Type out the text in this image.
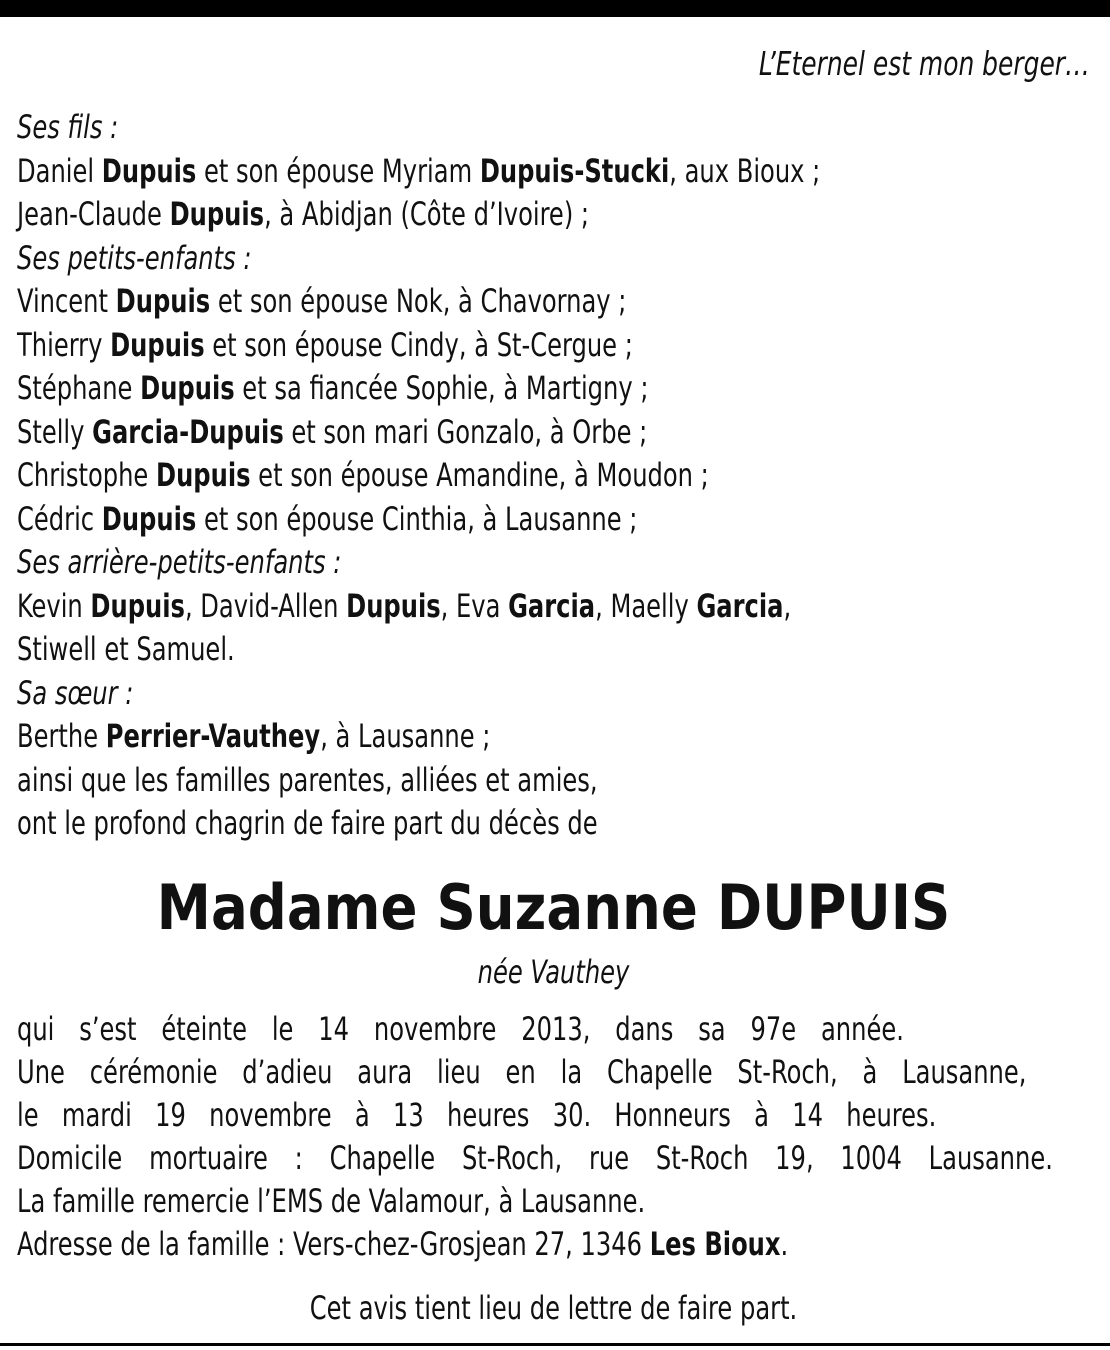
L’Eternel est mon berger…
Ses fils :
Daniel Dupuis et son épouse Myriam Dupuis-Stucki, aux Bioux ;
Jean-Claude Dupuis, à Abidjan (Côte d’Ivoire) ;
Ses petits-enfants :
Vincent Dupuis et son épouse Nok, à Chavornay ;
Thierry Dupuis et son épouse Cindy, à St-Cergue ;
Stéphane Dupuis et sa fiancée Sophie, à Martigny ;
Stelly Garcia-Dupuis et son mari Gonzalo, à Orbe ;
Christophe Dupuis et son épouse Amandine, à Moudon ;
Cédric Dupuis et son épouse Cinthia, à Lausanne ;
Ses arrière-petits-enfants :
Kevin Dupuis, David-Allen Dupuis, Eva Garcia, Maelly Garcia,
Stiwell et Samuel.
Sa sœur :
Berthe Perrier-Vauthey, à Lausanne ;
ainsi que les familles parentes, alliées et amies,
ont le profond chagrin de faire part du décès de
Madame Suzanne DUPUIS
née Vauthey
qui s’est éteinte le 14 novembre 2013, dans sa 97e année.
Une cérémonie d’adieu aura lieu en la Chapelle St-Roch, à Lausanne,
le mardi 19 novembre à 13 heures 30. Honneurs à 14 heures.
Domicile mortuaire : Chapelle St-Roch, rue St-Roch 19, 1004 Lausanne.
La famille remercie l’EMS de Valamour, à Lausanne.
Adresse de la famille : Vers-chez-Grosjean 27, 1346 Les Bioux.
Cet avis tient lieu de lettre de faire part.
